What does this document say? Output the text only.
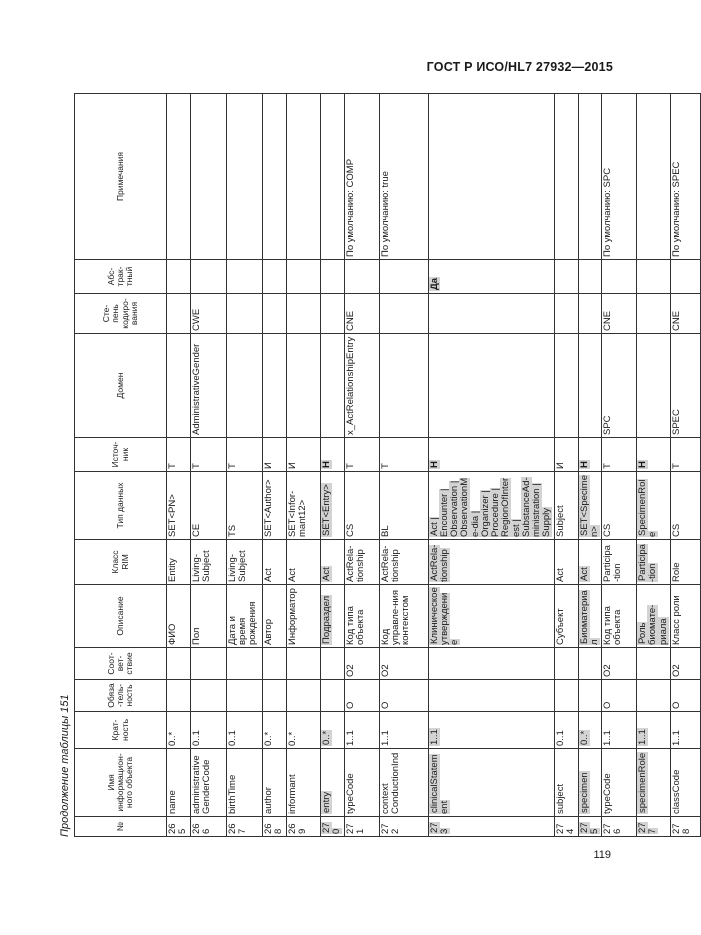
ГОСТ Р ИСО/HL7 27932—2015
Продолжение таблицы 151	№	Имя информацион-ного объекта	Крат-ность	Обяза-тель-ность	Соот-вет-ствие	Описание	Класс RIM	Тип данных	Источ-ник	Домен	Сте-пень кодиро-вания	Абс-трак-тный	Примечания
265	name	0..*			ФИО	Entity	SET<PN>	T				
266	administrative GenderCode	0..1			Пол	Living-Subject	CE	T	AdministrativeGender	CWE		
267	birthTime	0..1			Дата и время рождения	Living-Subject	TS	T				
268	author	0..*			Автор	Act	SET<Author>	И				
269	informant	0..*			Информатор	Act	SET<Infor-mant12>	И				
270	entry	0..*			Подраздел	Act	SET<Entry>	Н				
271	typeCode	1..1	O	O2	Код типа объекта	ActRela-tionship	CS	T	x_ActRelationshipEntry	CNE		По умолчанию: COMP
272	context ConductionInd	1..1	O	O2	Код управле-ния контекстом	ActRela-tionship	BL	T				По умолчанию: true
273	clinicalStatement	1..1			Клиническое утверждение	ActRela-tionship	Act | Encounter | Observation | ObservationMe-dia | Organizer | Procedure | RegionOfInterest | SubstanceAd-ministration | Supply	Н			Да	
274	subject	0..1			Субъект	Act	Subject	И				
275	specimen	0..*			Биоматериал	Act	SET<Specimen>	Н				
276	typeCode	1..1	O	O2	Код типа объекта	Participa-tion	CS	T	SPC	CNE		По умолчанию: SPC
277	specimenRole	1..1			Роль биомате-риала	Participa-tion	SpecimenRole	Н				
278	classCode	1..1	O	O2	Класс роли	Role	CS	T	SPEC	CNE		По умолчанию: SPEC
119
